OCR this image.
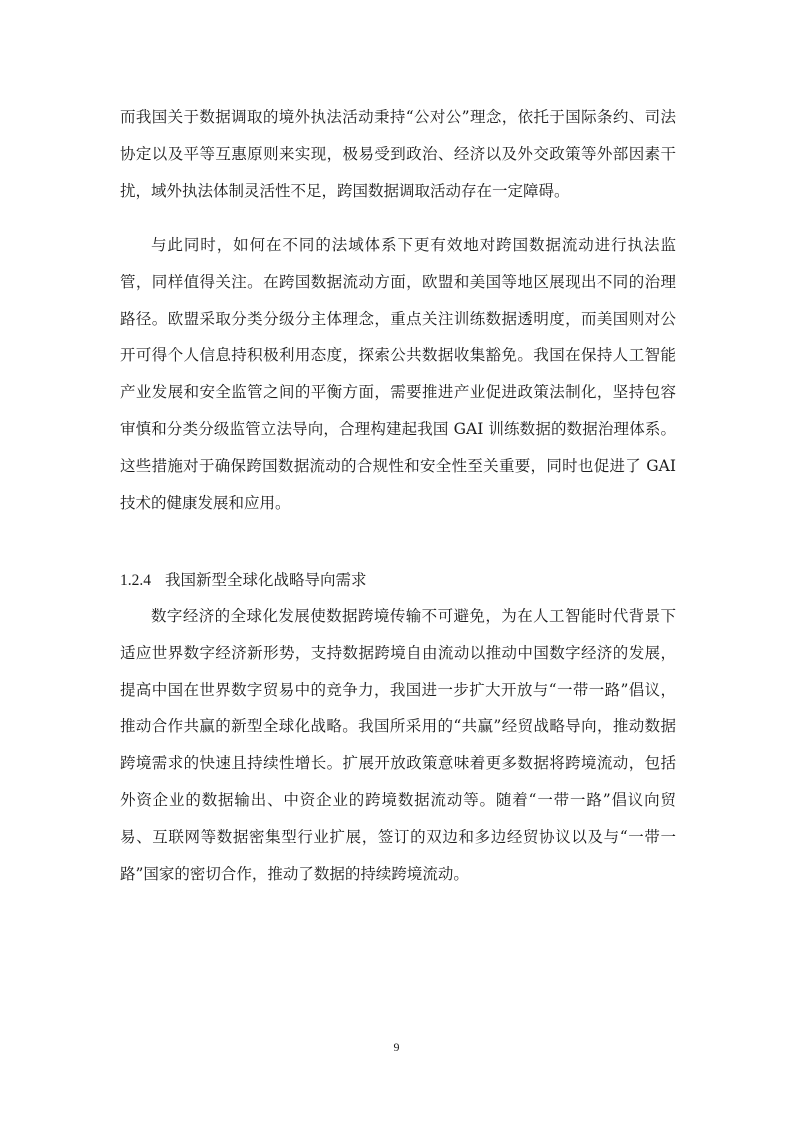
而我国关于数据调取的境外执法活动秉持“公对公”理念，依托于国际条约、司法协定以及平等互惠原则来实现，极易受到政治、经济以及外交政策等外部因素干扰，域外执法体制灵活性不足，跨国数据调取活动存在一定障碍。

与此同时，如何在不同的法域体系下更有效地对跨国数据流动进行执法监管，同样值得关注。在跨国数据流动方面，欧盟和美国等地区展现出不同的治理路径。欧盟采取分类分级分主体理念，重点关注训练数据透明度，而美国则对公开可得个人信息持积极利用态度，探索公共数据收集豁免。我国在保持人工智能产业发展和安全监管之间的平衡方面，需要推进产业促进政策法制化，坚持包容审慎和分类分级监管立法导向，合理构建起我国 GAI 训练数据的数据治理体系。这些措施对于确保跨国数据流动的合规性和安全性至关重要，同时也促进了 GAI 技术的健康发展和应用。

1.2.4 我国新型全球化战略导向需求

数字经济的全球化发展使数据跨境传输不可避免，为在人工智能时代背景下适应世界数字经济新形势，支持数据跨境自由流动以推动中国数字经济的发展，提高中国在世界数字贸易中的竞争力，我国进一步扩大开放与“一带一路”倡议，推动合作共赢的新型全球化战略。我国所采用的“共赢”经贸战略导向，推动数据跨境需求的快速且持续性增长。扩展开放政策意味着更多数据将跨境流动，包括外资企业的数据输出、中资企业的跨境数据流动等。随着“一带一路”倡议向贸易、互联网等数据密集型行业扩展，签订的双边和多边经贸协议以及与“一带一路”国家的密切合作，推动了数据的持续跨境流动。

9
